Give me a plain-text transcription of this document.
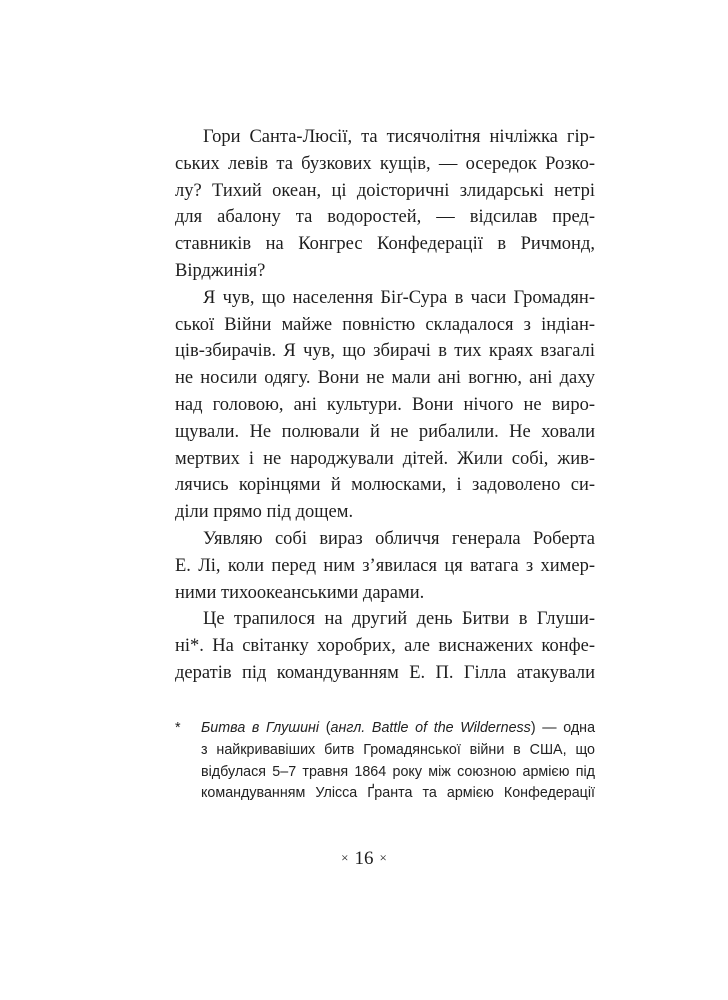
Гори Санта-Люсії, та тисячолітня нічліжка гір-
ських левів та бузкових кущів, — осередок Розко-
лу? Тихий океан, ці доісторичні злидарські нетрі
для абалону та водоростей, — відсилав пред-
ставників на Конгрес Конфедерації в Ричмонд,
Вірджинія?

Я чув, що населення Біґ-Сура в часи Громадян-
ської Війни майже повністю складалося з індіан-
ців-збирачів. Я чув, що збирачі в тих краях взагалі
не носили одягу. Вони не мали ані вогню, ані даху
над головою, ані культури. Вони нічого не виро-
щували. Не полювали й не рибалили. Не ховали
мертвих і не народжували дітей. Жили собі, жив-
лячись корінцями й молюсками, і задоволено си-
діли прямо під дощем.

Уявляю собі вираз обличчя генерала Роберта
Е. Лі, коли перед ним з’явилася ця ватага з химер-
ними тихоокеанськими дарами.

Це трапилося на другий день Битви в Глуши-
ні*. На світанку хоробрих, але виснажених конфе-
дератів під командуванням Е. П. Гілла атакували

* Битва в Глушині (англ. Battle of the Wilderness) — одна
з найкривавіших битв Громадянської війни в США, що
відбулася 5–7 травня 1864 року між союзною армією під
командуванням Улісса Ґранта та армією Конфедерації
× 16 ×
